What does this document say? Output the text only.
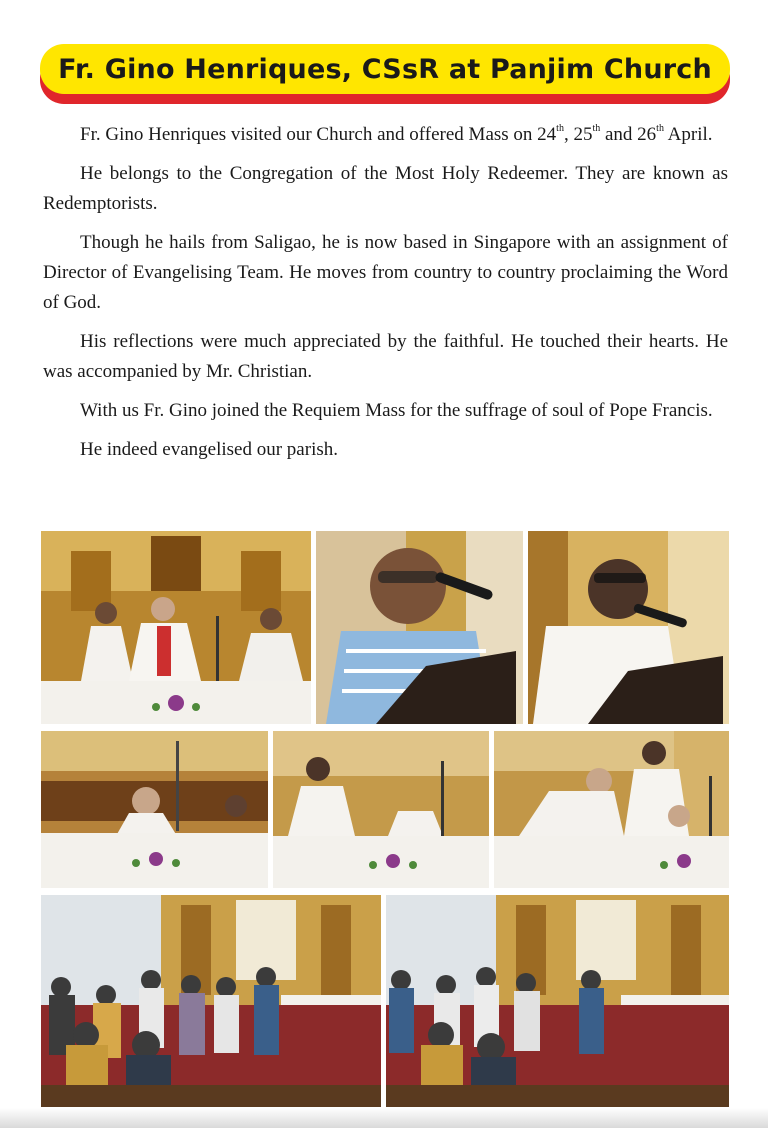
Fr. Gino Henriques, CSsR at Panjim Church

Fr. Gino Henriques visited our Church and offered Mass on 24th, 25th and 26th April.

He belongs to the Congregation of the Most Holy Redeemer. They are known as Redemptorists.

Though he hails from Saligao, he is now based in Singapore with an assignment of Director of Evangelising Team. He moves from country to country proclaiming the Word of God.

His reflections were much appreciated by the faithful. He touched their hearts. He was accompanied by Mr. Christian.

With us Fr. Gino joined the Requiem Mass for the suffrage of soul of Pope Francis.

He indeed evangelised our parish.
